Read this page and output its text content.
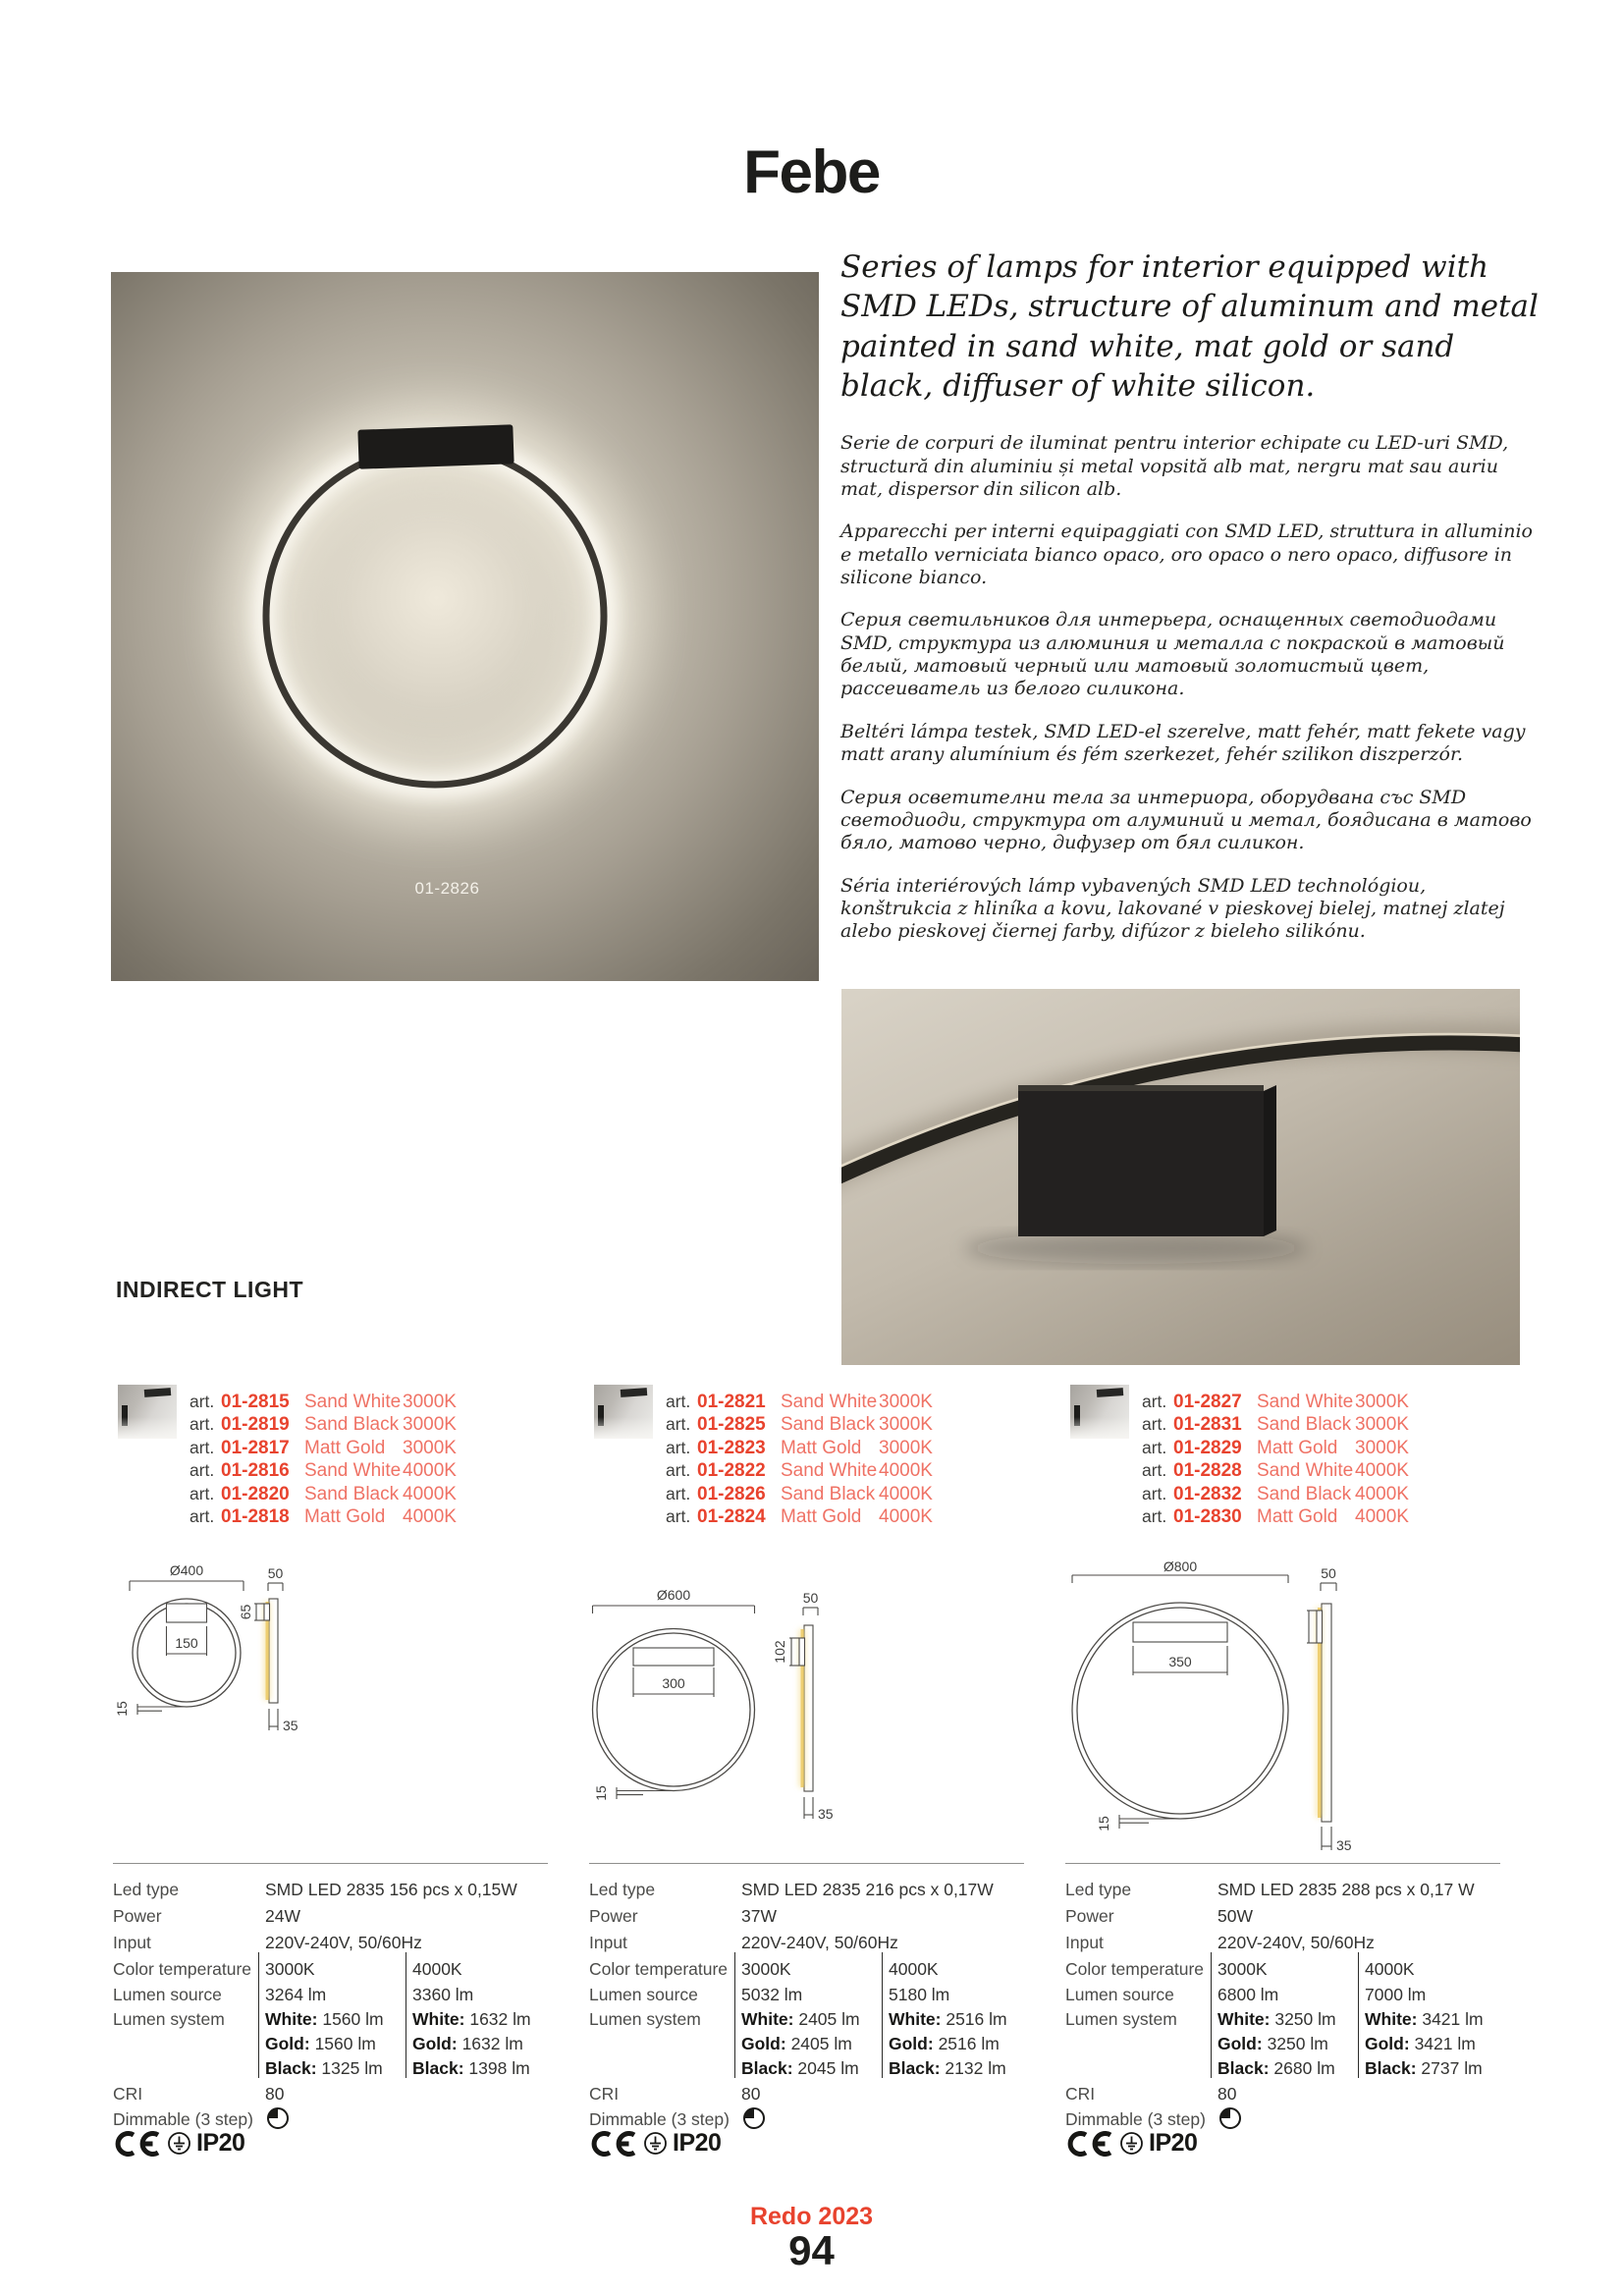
Febe
01-2826

Series of lamps for interior equipped with SMD LEDs, structure of aluminum and metal painted in sand white, mat gold or sand black, diffuser of white silicon.

Serie de corpuri de iluminat pentru interior echipate cu LED-uri SMD, structură din aluminiu și metal vopsită alb mat, nergru mat sau auriu mat, dispersor din silicon alb.

Apparecchi per interni equipaggiati con SMD LED, struttura in alluminio e metallo verniciata bianco opaco, oro opaco o nero opaco, diffusore in silicone bianco.

Серия светильников для интерьера, оснащенных светодиодами SMD, структура из алюминия и металла с покраской в матовый белый, матовый черный или матовый золотистый цвет, рассеиватель из белого силикона.

Beltéri lámpa testek, SMD LED-el szerelve, matt fehér, matt fekete vagy matt arany alumínium és fém szerkezet, fehér szilikon diszperzór.

Серия осветителни тела за интериора, оборудвана със SMD светодиоди, структура от алуминий и метал, боядисана в матово бяло, матово черно, дифузер от бял силикон.

Séria interiérových lámp vybavených SMD LED technológiou, konštrukcia z hliníka a kovu, lakované v pieskovej bielej, matnej zlatej alebo pieskovej čiernej farby, difúzor z bieleho silikónu.

INDIRECT LIGHT
art. 01-2815 Sand White 3000K
art. 01-2819 Sand Black 3000K
art. 01-2817 Matt Gold 3000K
art. 01-2816 Sand White 4000K
art. 01-2820 Sand Black 4000K
art. 01-2818 Matt Gold 4000K
Ø400
150
50
65
15
35
Led type	SMD LED 2835 156 pcs x 0,15W
Power	24W
Input	220V-240V, 50/60Hz
Color temperature 3000K	4000K
Lumen source	3264 lm	3360 lm
Lumen system White: 1560 lm White: 1632 lm
Gold: 1560 lm Gold: 1632 lm
Black: 1325 lm Black: 1398 lm
CRI	80
Dimmable (3 step)
IP20
art. 01-2821 Sand White 3000K
art. 01-2825 Sand Black 3000K
art. 01-2823 Matt Gold 3000K
art. 01-2822 Sand White 4000K
art. 01-2826 Sand Black 4000K
art. 01-2824 Matt Gold 4000K
Ø600
300
50
102
15
35
Led type	SMD LED 2835 216 pcs x 0,17W
Power	37W
Input	220V-240V, 50/60Hz
Color temperature 3000K	4000K
Lumen source	5032 lm	5180 lm
Lumen system White: 2405 lm White: 2516 lm
Gold: 2405 lm Gold: 2516 lm
Black: 2045 lm Black: 2132 lm
CRI	80
Dimmable (3 step)
IP20
art. 01-2827 Sand White 3000K
art. 01-2831 Sand Black 3000K
art. 01-2829 Matt Gold 3000K
art. 01-2828 Sand White 4000K
art. 01-2832 Sand Black 4000K
art. 01-2830 Matt Gold 4000K
Ø800
350
50
15
35
Led type	SMD LED 2835 288 pcs x 0,17 W
Power	50W
Input	220V-240V, 50/60Hz
Color temperature 3000K	4000K
Lumen source	6800 lm	7000 lm
Lumen system White: 3250 lm White: 3421 lm
Gold: 3250 lm Gold: 3421 lm
Black: 2680 lm Black: 2737 lm
CRI	80
Dimmable (3 step)
IP20
Redo 2023
94
